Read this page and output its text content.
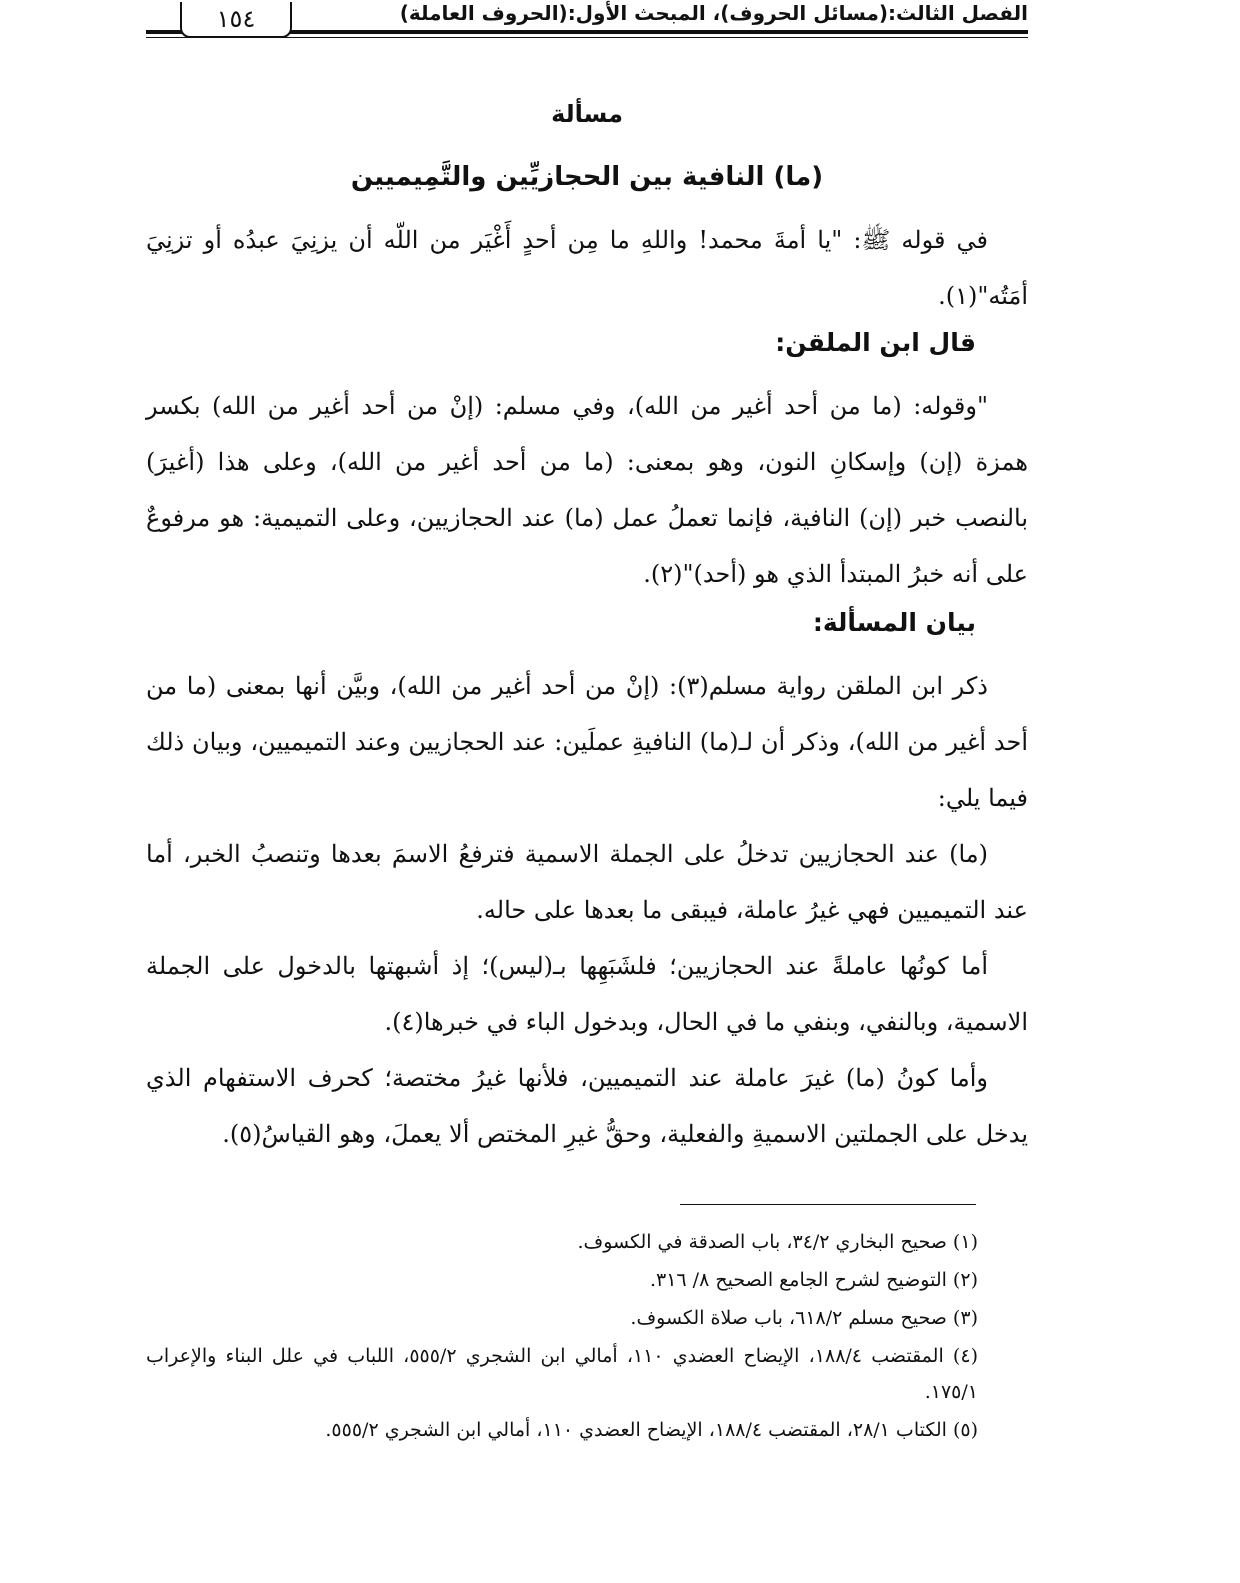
١٥٤	الفصل الثالث:(مسائل الحروف)، المبحث الأول:(الحروف العاملة)
مسألة
(ما) النافية بين الحجازيِّين والتَّمِيميين

في قوله ﷺ: "يا أمةَ محمد! واللهِ ما مِن أحدٍ أَغْيَر من اللّه أن يزنِيَ عبدُه أو تزنِيَ أمَتُه"(١).

قال ابن الملقن:

"وقوله: (ما من أحد أغير من الله)، وفي مسلم: (إنْ من أحد أغير من الله) بكسر همزة (إن) وإسكانِ النون، وهو بمعنى: (ما من أحد أغير من الله)، وعلى هذا (أغيرَ) بالنصب خبر (إن) النافية، فإنما تعملُ عمل (ما) عند الحجازيين، وعلى التميمية: هو مرفوعٌ على أنه خبرُ المبتدأ الذي هو (أحد)"(٢).

بيان المسألة:

ذكر ابن الملقن رواية مسلم(٣): (إنْ من أحد أغير من الله)، وبيَّن أنها بمعنى (ما من أحد أغير من الله)، وذكر أن لـ(ما) النافيةِ عملَين: عند الحجازيين وعند التميميين، وبيان ذلك فيما يلي:

(ما) عند الحجازيين تدخلُ على الجملة الاسمية فترفعُ الاسمَ بعدها وتنصبُ الخبر، أما عند التميميين فهي غيرُ عاملة، فيبقى ما بعدها على حاله.

أما كونُها عاملةً عند الحجازيين؛ فلشَبَهِها بـ(ليس)؛ إذ أشبهتها بالدخول على الجملة الاسمية، وبالنفي، وبنفي ما في الحال، وبدخول الباء في خبرها(٤).

وأما كونُ (ما) غيرَ عاملة عند التميميين، فلأنها غيرُ مختصة؛ كحرف الاستفهام الذي يدخل على الجملتين الاسميةِ والفعلية، وحقُّ غيرِ المختص ألا يعملَ، وهو القياسُ(٥).

(١) صحيح البخاري ٣٤/٢، باب الصدقة في الكسوف.

(٢) التوضيح لشرح الجامع الصحيح ٨/ ٣١٦.

(٣) صحيح مسلم ٦١٨/٢، باب صلاة الكسوف.

(٤) المقتضب ١٨٨/٤، الإيضاح العضدي ١١٠، أمالي ابن الشجري ٥٥٥/٢، اللباب في علل البناء والإعراب ١٧٥/١.

(٥) الكتاب ٢٨/١، المقتضب ١٨٨/٤، الإيضاح العضدي ١١٠، أمالي ابن الشجري ٥٥٥/٢.
